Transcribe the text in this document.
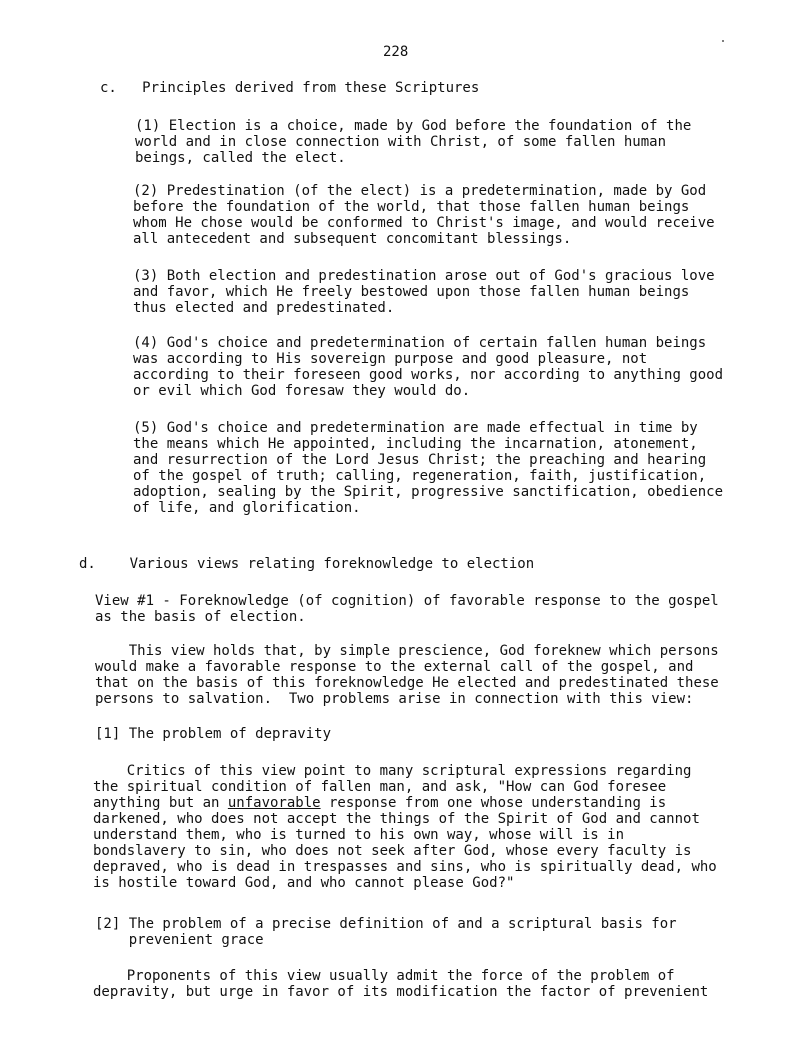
228
c.   Principles derived from these Scriptures
(1) Election is a choice, made by God before the foundation of the
world and in close connection with Christ, of some fallen human
beings, called the elect.
(2) Predestination (of the elect) is a predetermination, made by God
before the foundation of the world, that those fallen human beings
whom He chose would be conformed to Christ's image, and would receive
all antecedent and subsequent concomitant blessings.
(3) Both election and predestination arose out of God's gracious love
and favor, which He freely bestowed upon those fallen human beings
thus elected and predestinated.
(4) God's choice and predetermination of certain fallen human beings
was according to His sovereign purpose and good pleasure, not
according to their foreseen good works, nor according to anything good
or evil which God foresaw they would do.
(5) God's choice and predetermination are made effectual in time by
the means which He appointed, including the incarnation, atonement,
and resurrection of the Lord Jesus Christ; the preaching and hearing
of the gospel of truth; calling, regeneration, faith, justification,
adoption, sealing by the Spirit, progressive sanctification, obedience
of life, and glorification.
d.    Various views relating foreknowledge to election
View #1 - Foreknowledge (of cognition) of favorable response to the gospel
as the basis of election.
This view holds that, by simple prescience, God foreknew which persons
would make a favorable response to the external call of the gospel, and
that on the basis of this foreknowledge He elected and predestinated these
persons to salvation.  Two problems arise in connection with this view:
[1] The problem of depravity
Critics of this view point to many scriptural expressions regarding
the spiritual condition of fallen man, and ask, "How can God foresee
anything but an unfavorable response from one whose understanding is
darkened, who does not accept the things of the Spirit of God and cannot
understand them, who is turned to his own way, whose will is in
bondslavery to sin, who does not seek after God, whose every faculty is
depraved, who is dead in trespasses and sins, who is spiritually dead, who
is hostile toward God, and who cannot please God?"
[2] The problem of a precise definition of and a scriptural basis for
prevenient grace
Proponents of this view usually admit the force of the problem of
depravity, but urge in favor of its modification the factor of prevenient
